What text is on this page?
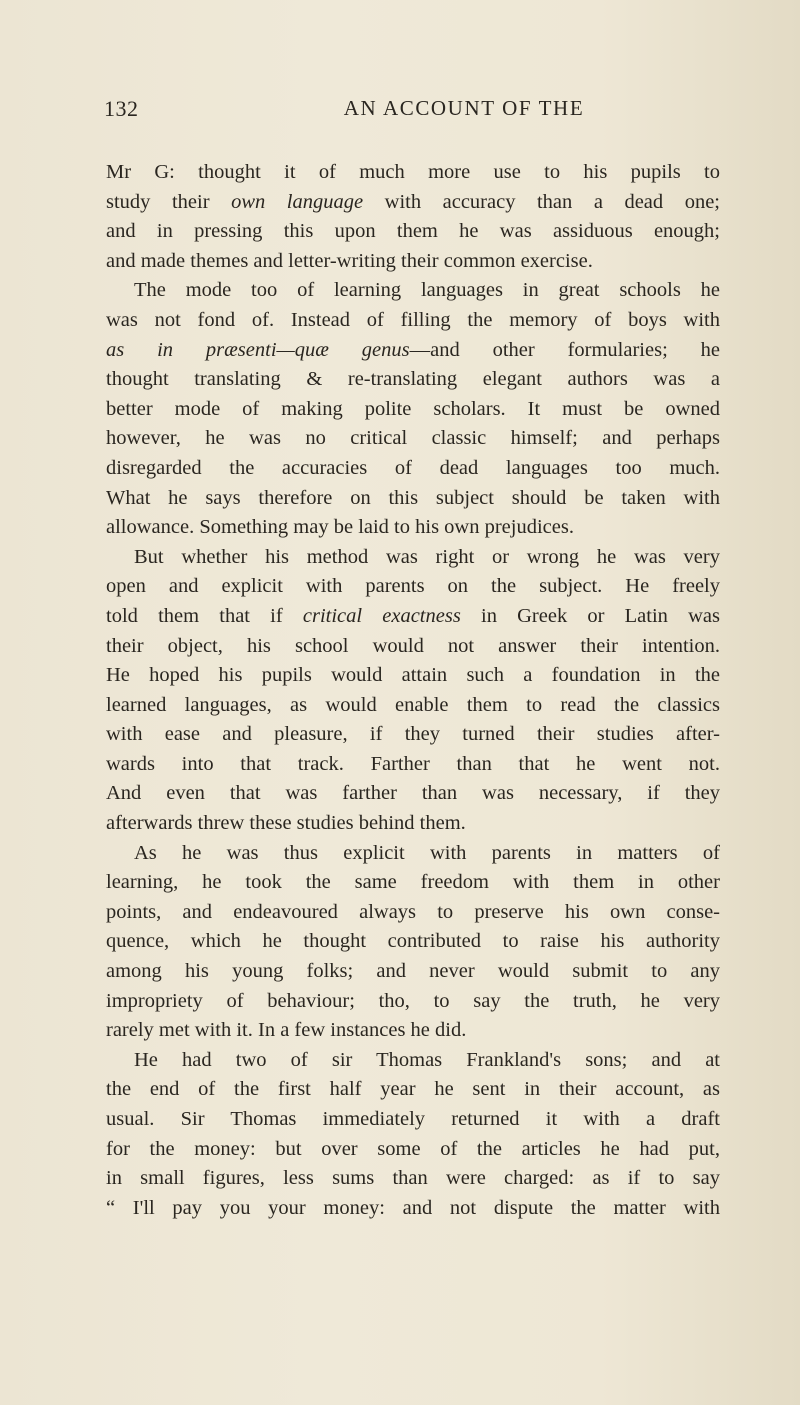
132	AN ACCOUNT OF THE

Mr G: thought it of much more use to his pupils to

study their own language with accuracy than a dead one;

and in pressing this upon them he was assiduous enough;

and made themes and letter-writing their common exercise.

The mode too of learning languages in great schools he

was not fond of. Instead of filling the memory of boys with

as in præsenti—quæ genus—and other formularies; he

thought translating & re-translating elegant authors was a

better mode of making polite scholars. It must be owned

however, he was no critical classic himself; and perhaps

disregarded the accuracies of dead languages too much.

What he says therefore on this subject should be taken with

allowance. Something may be laid to his own prejudices.

But whether his method was right or wrong he was very

open and explicit with parents on the subject. He freely

told them that if critical exactness in Greek or Latin was

their object, his school would not answer their intention.

He hoped his pupils would attain such a foundation in the

learned languages, as would enable them to read the classics

with ease and pleasure, if they turned their studies after-

wards into that track. Farther than that he went not.

And even that was farther than was necessary, if they

afterwards threw these studies behind them.

As he was thus explicit with parents in matters of

learning, he took the same freedom with them in other

points, and endeavoured always to preserve his own conse-

quence, which he thought contributed to raise his authority

among his young folks; and never would submit to any

impropriety of behaviour; tho, to say the truth, he very

rarely met with it. In a few instances he did.

He had two of sir Thomas Frankland's sons; and at

the end of the first half year he sent in their account, as

usual. Sir Thomas immediately returned it with a draft

for the money: but over some of the articles he had put,

in small figures, less sums than were charged: as if to say

“ I'll pay you your money: and not dispute the matter with
